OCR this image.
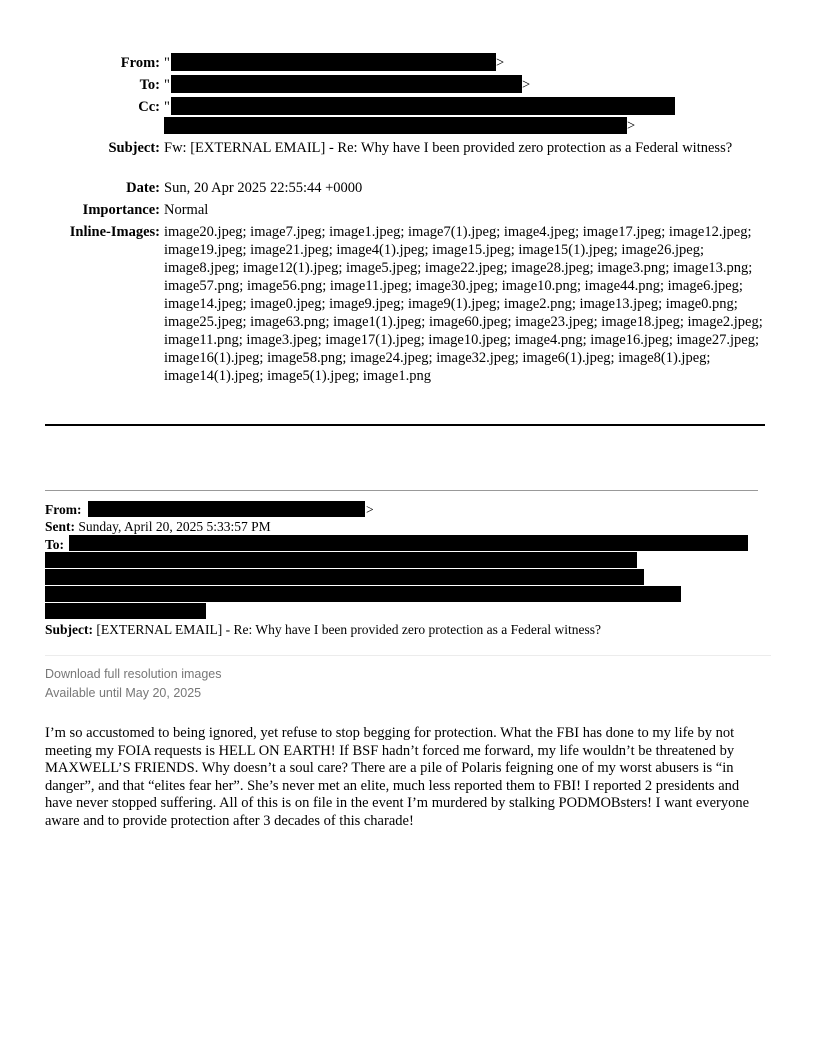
From: "	>
To: "	>
Cc: "
>
Subject: Fw: [EXTERNAL EMAIL] - Re: Why have I been provided zero protection as a Federal witness?
Date: Sun, 20 Apr 2025 22:55:44 +0000
Importance: Normal
Inline-Images: image20.jpeg; image7.jpeg; image1.jpeg; image7(1).jpeg; image4.jpeg; image17.jpeg; image12.jpeg; image19.jpeg; image21.jpeg; image4(1).jpeg; image15.jpeg; image15(1).jpeg; image26.jpeg; image8.jpeg; image12(1).jpeg; image5.jpeg; image22.jpeg; image28.jpeg; image3.png; image13.png; image57.png; image56.png; image11.jpeg; image30.jpeg; image10.png; image44.png; image6.jpeg; image14.jpeg; image0.jpeg; image9.jpeg; image9(1).jpeg; image2.png; image13.jpeg; image0.png; image25.jpeg; image63.png; image1(1).jpeg; image60.jpeg; image23.jpeg; image18.jpeg; image2.jpeg; image11.png; image3.jpeg; image17(1).jpeg; image10.jpeg; image4.png; image16.jpeg; image27.jpeg; image16(1).jpeg; image58.png; image24.jpeg; image32.jpeg; image6(1).jpeg; image8(1).jpeg; image14(1).jpeg; image5(1).jpeg; image1.png
From:	>
Sent: Sunday, April 20, 2025 5:33:57 PM
To:
Subject: [EXTERNAL EMAIL] - Re: Why have I been provided zero protection as a Federal witness?
Download full resolution images
Available until May 20, 2025
I’m so accustomed to being ignored, yet refuse to stop begging for protection. What the FBI has done to my life by not meeting my FOIA requests is HELL ON EARTH! If BSF hadn’t forced me forward, my life wouldn’t be threatened by MAXWELL’S FRIENDS. Why doesn’t a soul care? There are a pile of Polaris feigning one of my worst abusers is “in danger”, and that “elites fear her”. She’s never met an elite, much less reported them to FBI! I reported 2 presidents and have never stopped suffering. All of this is on file in the event I’m murdered by stalking PODMOBsters! I want everyone aware and to provide protection after 3 decades of this charade!
